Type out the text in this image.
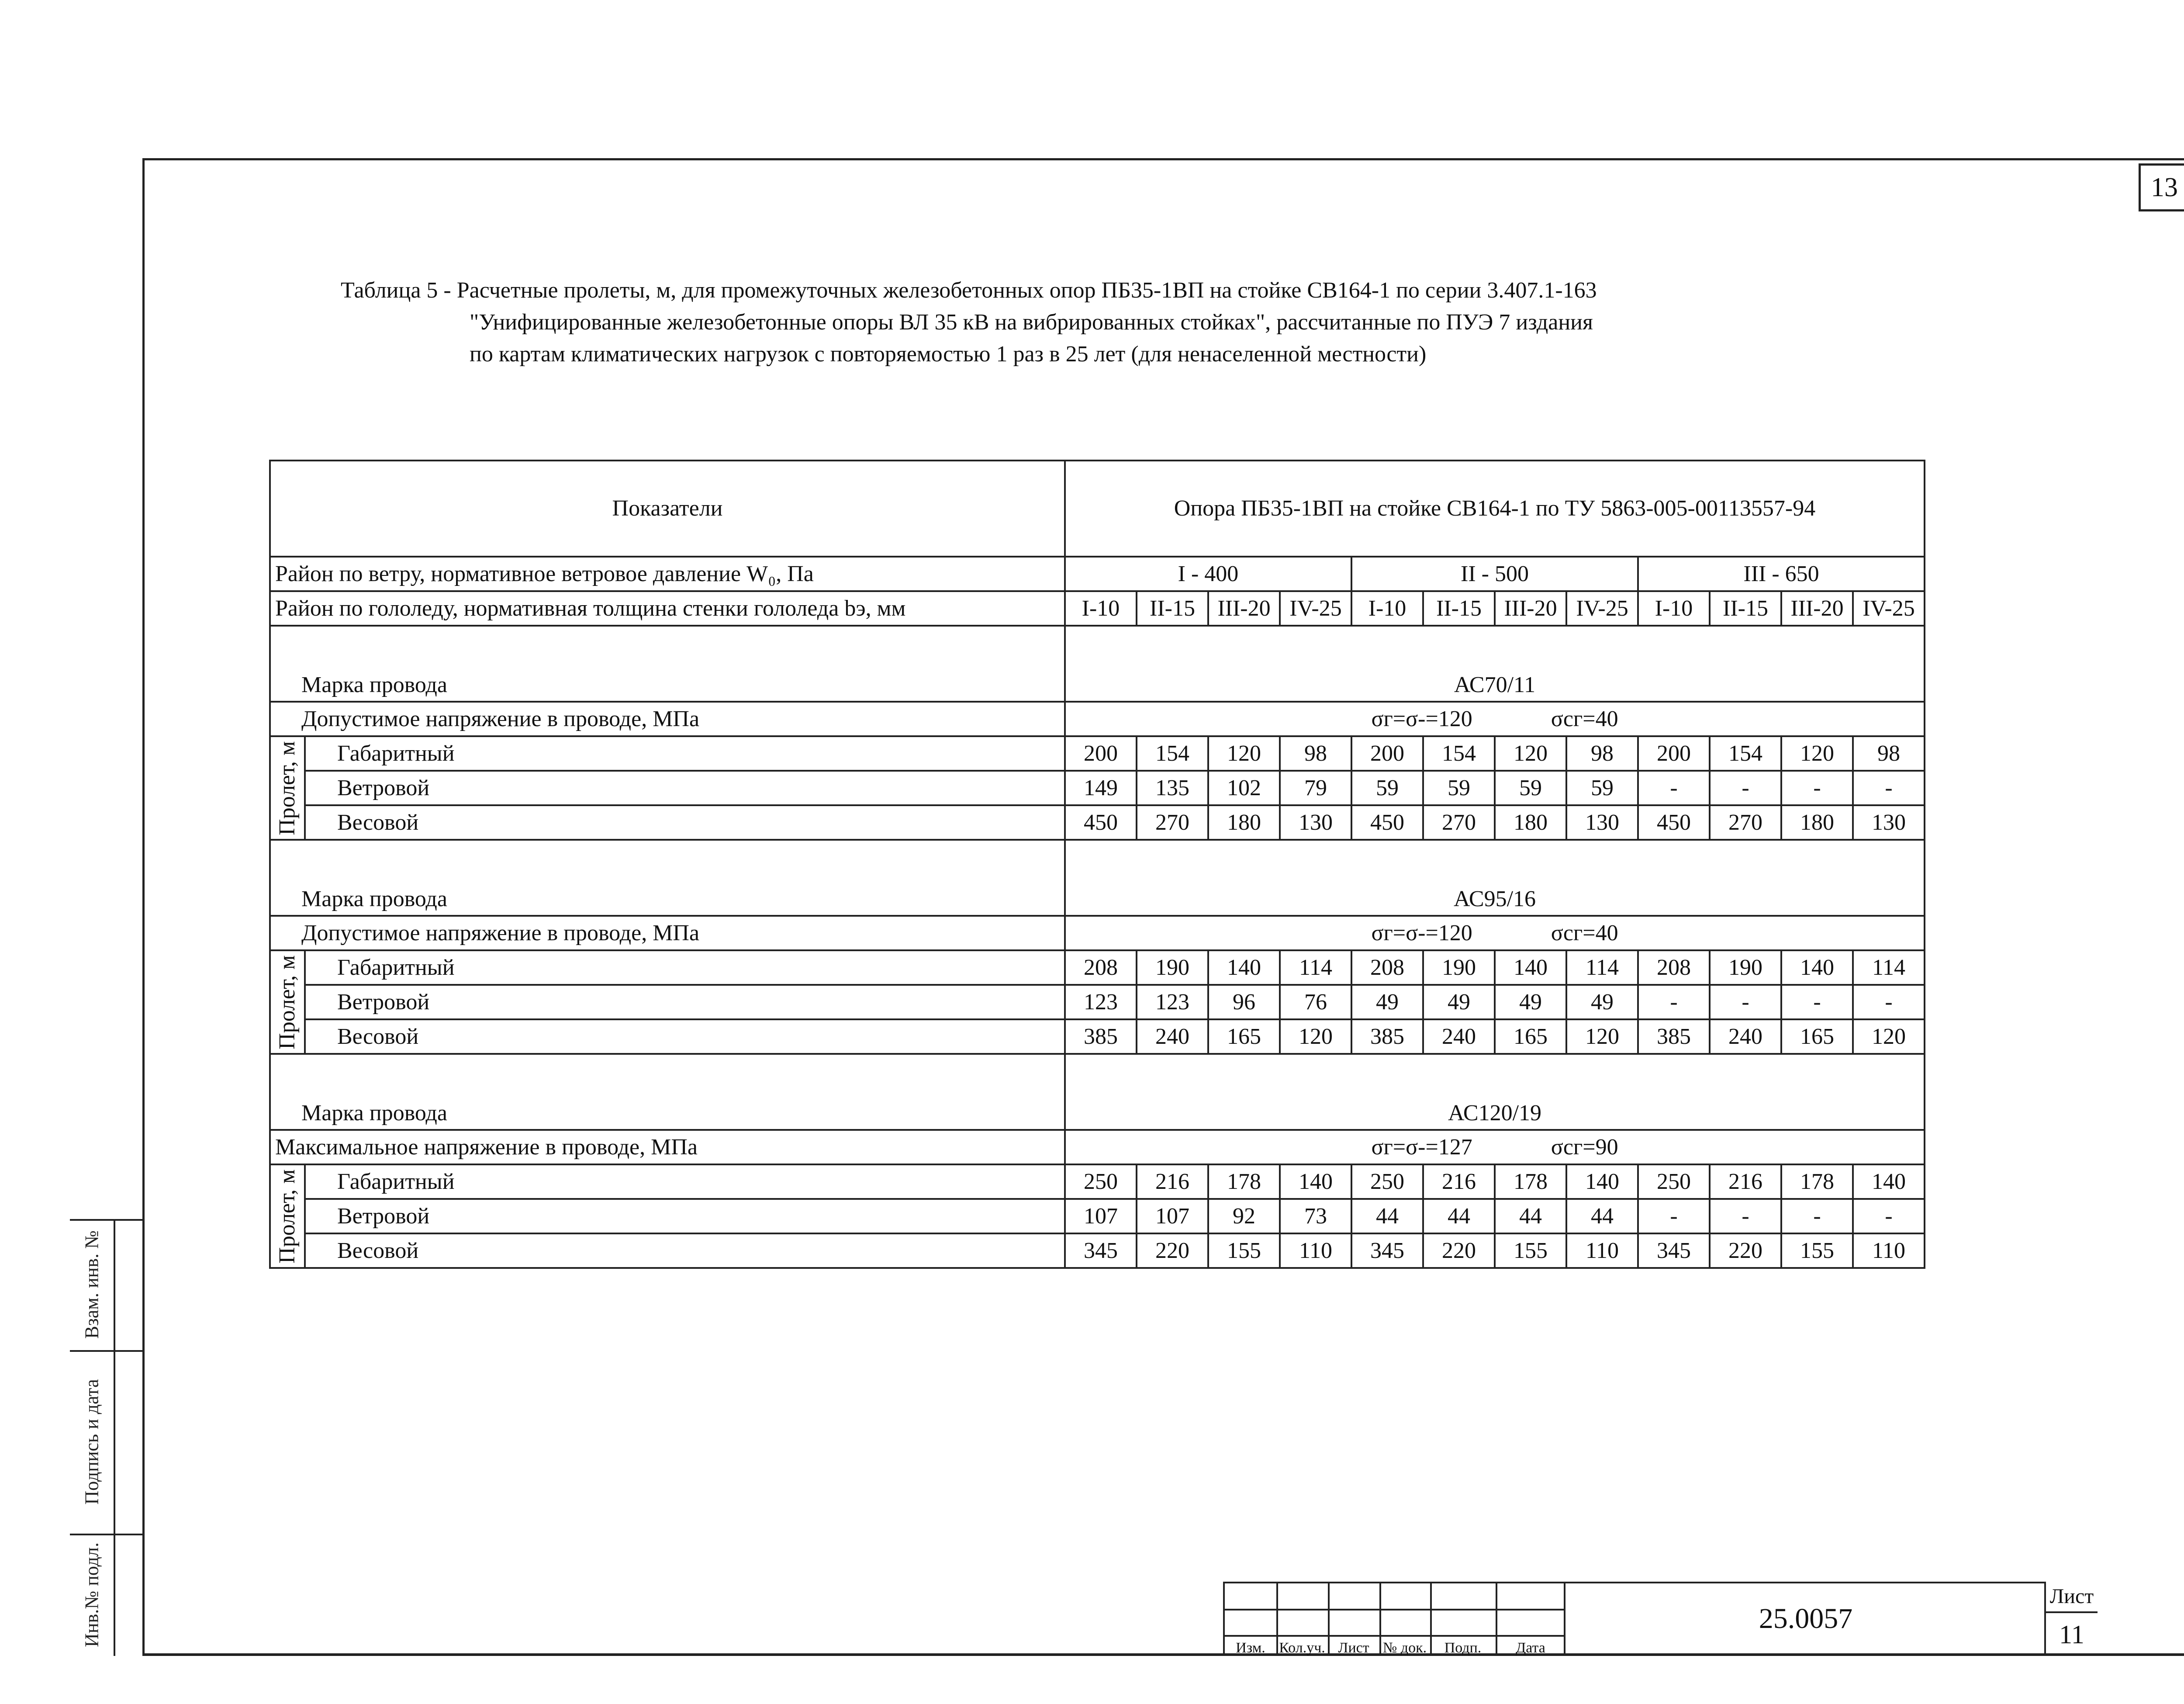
13
Таблица 5 - Расчетные пролеты, м, для промежуточных железобетонных опор ПБ35-1ВП на стойке СВ164-1 по серии 3.407.1-163
"Унифицированные железобетонные опоры ВЛ 35 кВ на вибрированных стойках", рассчитанные по ПУЭ 7 издания
по картам климатических нагрузок с повторяемостью 1 раз в 25 лет (для ненаселенной местности)
Показатели		Опора ПБ35-1ВП на стойке СВ164-1 по ТУ 5863-005-00113557-94											
Район по ветру, нормативное ветровое давление W₀, Па		I - 400				II - 500				III - 650			
Район по гололеду, нормативная толщина стенки гололеда bэ, мм		I-10	II-15	III-20	IV-25	I-10	II-15	III-20	IV-25	I-10	II-15	III-20	IV-25
Марка провода		АС70/11											
Допустимое напряжение в проводе, МПа		σг=σ-=120 σсг=40											

Пролет, м	Габаритный	200	154	120	98	200	154	120	98	200	154	120	98
	Ветровой	149	135	102	79	59	59	59	59	-	-	-	-
	Весовой	450	270	180	130	450	270	180	130	450	270	180	130
Марка провода		АС95/16											
Допустимое напряжение в проводе, МПа		σг=σ-=120 σсг=40											

Пролет, м	Габаритный	208	190	140	114	208	190	140	114	208	190	140	114
	Ветровой	123	123	96	76	49	49	49	49	-	-	-	-
	Весовой	385	240	165	120	385	240	165	120	385	240	165	120
Марка провода		АС120/19											
Максимальное напряжение в проводе, МПа		σг=σ-=127 σсг=90											

Пролет, м	Габаритный	250	216	178	140	250	216	178	140	250	216	178	140
	Ветровой	107	107	92	73	44	44	44	44	-	-	-	-
	Весовой	345	220	155	110	345	220	155	110	345	220	155	110
Взам. инв. №
Подпись и дата
Инв.№ подл.
Изм. Кол.уч. Лист № док.	Подп.	Дата
25.0057
Лист
11
